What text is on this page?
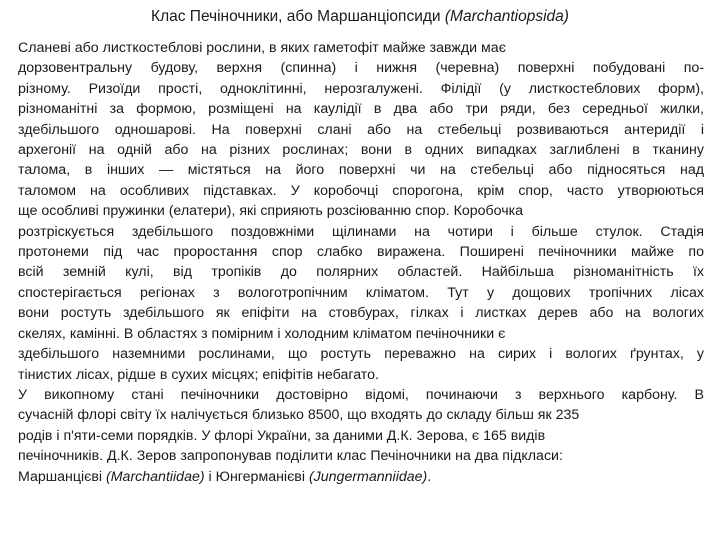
Клас Печіночники, або Маршанціопсиди (Marchantiopsida)
Сланеві або листкостеблові рослини, в яких гаметофіт майже завжди має
дорзовентральну будову, верхня (спинна) і нижня (черевна) поверхні побудовані по-
різному. Ризоїди прості, одноклітинні, нерозгалужені. Філідії (у листкостеблових форм),
різноманітні за формою, розміщені на каулідії в два або три ряди, без середньої жилки,
здебільшого одношарові. На поверхні слані або на стебельці розвиваються антеридії і
архегонії на одній або на різних рослинах; вони в одних випадках заглиблені в тканину
талома, в інших — містяться на його поверхні чи на стебельці або підносяться над
таломом на особливих підставках. У коробочці спорогона, крім спор, часто утворюються
ще особливі пружинки (елатери), які сприяють розсіюванню спор. Коробочка
розтріскується здебільшого поздовжніми щілинами на чотири і більше стулок. Стадія
протонеми під час проростання спор слабко виражена. Поширені печіночники майже по
всій земній кулі, від тропіків до полярних областей. Найбільша різноманітність їх
спостерігається регіонах з вологотропічним кліматом. Тут у дощових тропічних лісах
вони ростуть здебільшого як епіфіти на стовбурах, гілках і листках дерев або на вологих
скелях, камінні. В областях з помірним і холодним кліматом печіночники є
здебільшого наземними рослинами, що ростуть переважно на сирих і вологих ґрунтах, у
тінистих лісах, рідше в сухих місцях; епіфітів небагато.
У викопному стані печіночники достовірно відомі, починаючи з верхнього карбону. В
сучасній флорі світу їх налічується близько 8500, що входять до складу більш як 235
родів і п'яти-семи порядків. У флорі України, за даними Д.К. Зерова, є 165 видів
печіночників. Д.К. Зеров запропонував поділити клас Печіночники на два підкласи:
Маршанцієві (Marchantiidae) і Юнгерманієві (Jungermanniidae).
